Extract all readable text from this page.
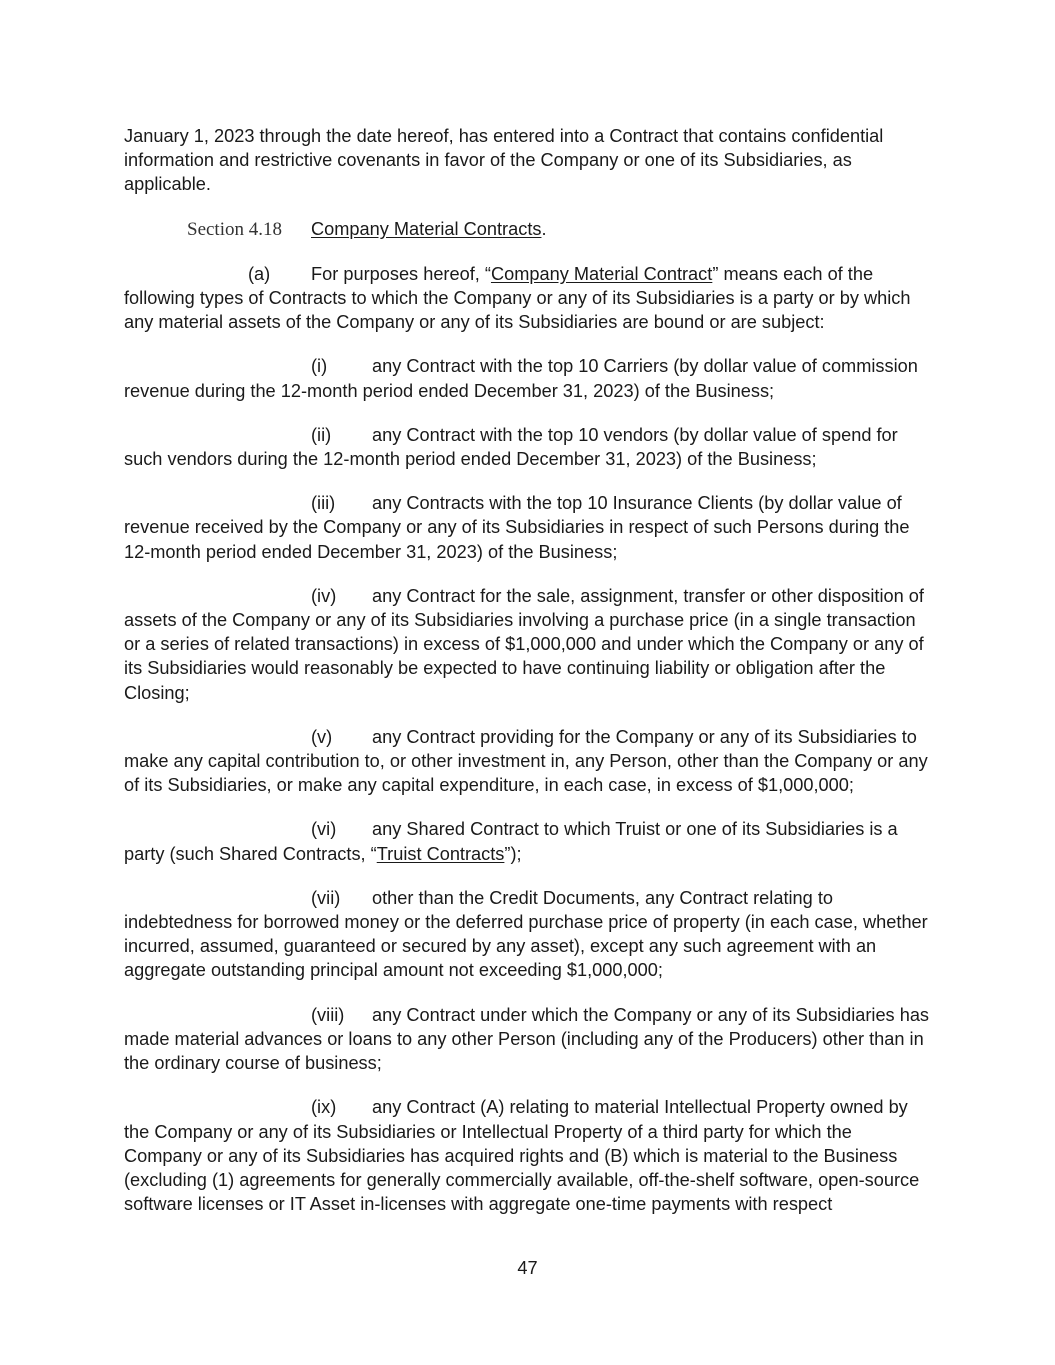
January 1, 2023 through the date hereof, has entered into a Contract that contains confidential information and restrictive covenants in favor of the Company or one of its Subsidiaries, as applicable.

Section 4.18 Company Material Contracts.

(a) For purposes hereof, “Company Material Contract” means each of the following types of Contracts to which the Company or any of its Subsidiaries is a party or by which any material assets of the Company or any of its Subsidiaries are bound or are subject:

(i) any Contract with the top 10 Carriers (by dollar value of commission revenue during the 12-month period ended December 31, 2023) of the Business;

(ii) any Contract with the top 10 vendors (by dollar value of spend for such vendors during the 12-month period ended December 31, 2023) of the Business;

(iii) any Contracts with the top 10 Insurance Clients (by dollar value of revenue received by the Company or any of its Subsidiaries in respect of such Persons during the 12-month period ended December 31, 2023) of the Business;

(iv) any Contract for the sale, assignment, transfer or other disposition of assets of the Company or any of its Subsidiaries involving a purchase price (in a single transaction or a series of related transactions) in excess of $1,000,000 and under which the Company or any of its Subsidiaries would reasonably be expected to have continuing liability or obligation after the Closing;

(v) any Contract providing for the Company or any of its Subsidiaries to make any capital contribution to, or other investment in, any Person, other than the Company or any of its Subsidiaries, or make any capital expenditure, in each case, in excess of $1,000,000;

(vi) any Shared Contract to which Truist or one of its Subsidiaries is a party (such Shared Contracts, “Truist Contracts”);

(vii) other than the Credit Documents, any Contract relating to indebtedness for borrowed money or the deferred purchase price of property (in each case, whether incurred, assumed, guaranteed or secured by any asset), except any such agreement with an aggregate outstanding principal amount not exceeding $1,000,000;

(viii) any Contract under which the Company or any of its Subsidiaries has made material advances or loans to any other Person (including any of the Producers) other than in the ordinary course of business;

(ix) any Contract (A) relating to material Intellectual Property owned by the Company or any of its Subsidiaries or Intellectual Property of a third party for which the Company or any of its Subsidiaries has acquired rights and (B) which is material to the Business (excluding (1) agreements for generally commercially available, off-the-shelf software, open-source software licenses or IT Asset in-licenses with aggregate one-time payments with respect

47
